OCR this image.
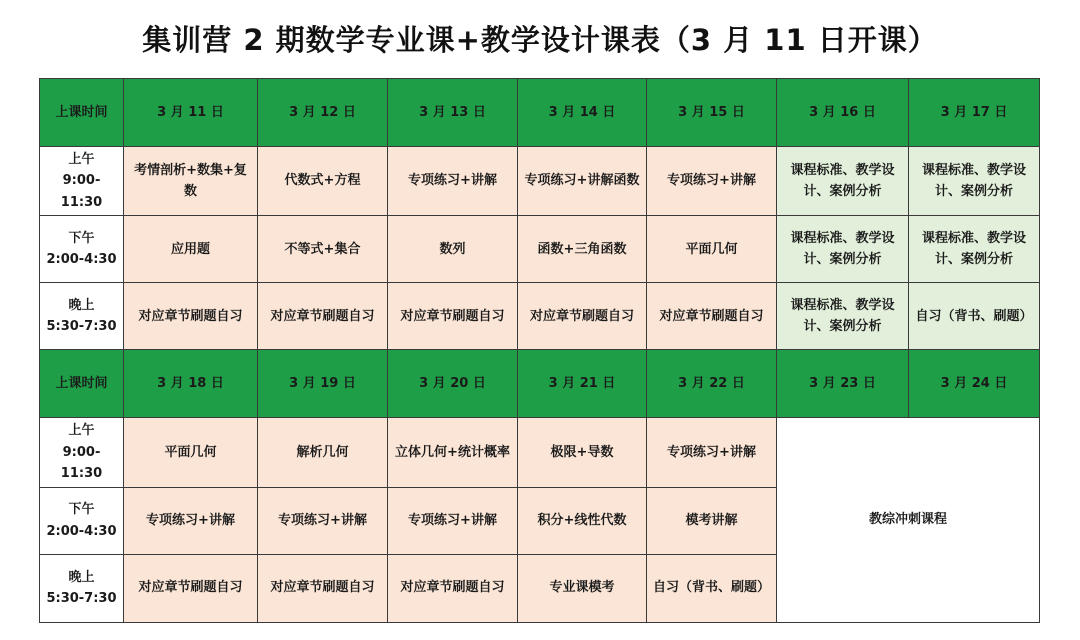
集训营 2 期数学专业课+教学设计课表（3 月 11 日开课）
上课时间	3 月 11 日	3 月 12 日	3 月 13 日	3 月 14 日	3 月 15 日	3 月 16 日	3 月 17 日

上午
9:00-11:30	考情剖析+数集+复数	代数式+方程	专项练习+讲解	专项练习+讲解函数	专项练习+讲解	课程标准、教学设计、案例分析	课程标准、教学设计、案例分析

下午
2:00-4:30	应用题	不等式+集合	数列	函数+三角函数	平面几何	课程标准、教学设计、案例分析	课程标准、教学设计、案例分析

晚上
5:30-7:30	对应章节刷题自习	对应章节刷题自习	对应章节刷题自习	对应章节刷题自习	对应章节刷题自习	课程标准、教学设计、案例分析	自习（背书、刷题）
上课时间	3 月 18 日	3 月 19 日	3 月 20 日	3 月 21 日	3 月 22 日	3 月 23 日	3 月 24 日

上午
9:00-11:30	平面几何	解析几何	立体几何+统计概率	极限+导数	专项练习+讲解	教综冲刺课程	

下午
2:00-4:30	专项练习+讲解	专项练习+讲解	专项练习+讲解	积分+线性代数	模考讲解		

晚上
5:30-7:30	对应章节刷题自习	对应章节刷题自习	对应章节刷题自习	专业课模考	自习（背书、刷题）		
